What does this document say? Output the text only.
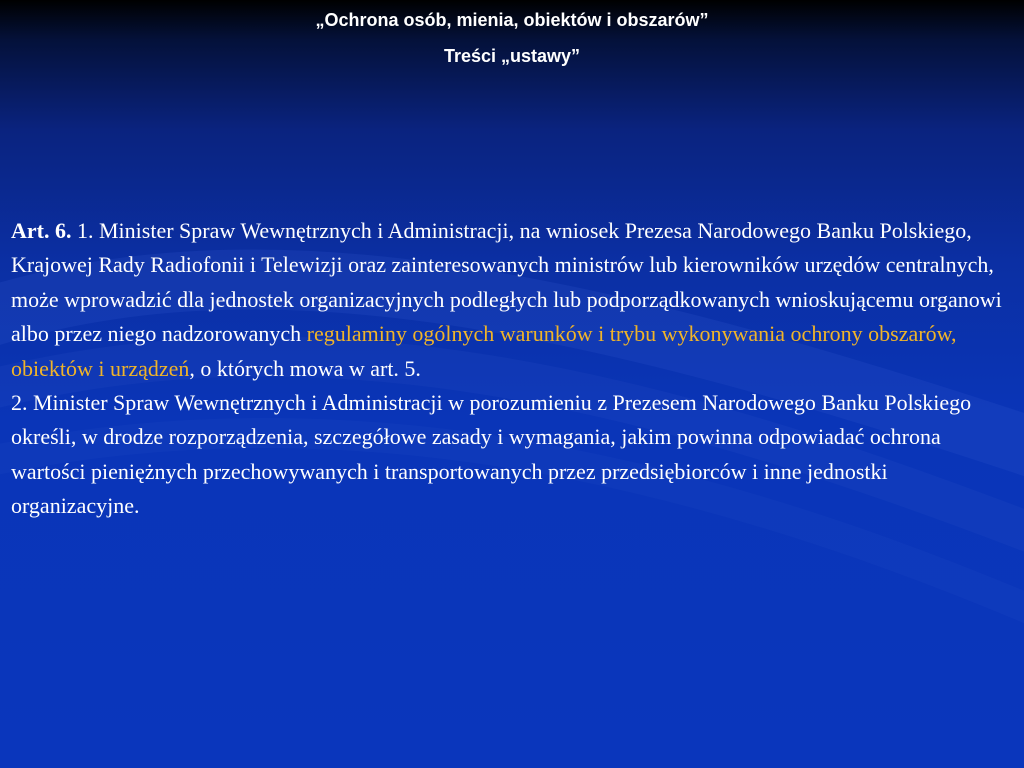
„Ochrona osób, mienia, obiektów i obszarów”
Treści „ustawy”

Art. 6. 1. Minister Spraw Wewnętrznych i Administracji, na wniosek Prezesa Narodowego Banku Polskiego, Krajowej Rady Radiofonii i Telewizji oraz zainteresowanych ministrów lub kierowników urzędów centralnych, może wprowadzić dla jednostek organizacyjnych podległych lub podporządkowanych wnioskującemu organowi albo przez niego nadzorowanych regulaminy ogólnych warunków i trybu wykonywania ochrony obszarów, obiektów i urządzeń, o których mowa w art. 5.

2. Minister Spraw Wewnętrznych i Administracji w porozumieniu z Prezesem Narodowego Banku Polskiego określi, w drodze rozporządzenia, szczegółowe zasady i wymagania, jakim powinna odpowiadać ochrona wartości pieniężnych przechowywanych i transportowanych przez przedsiębiorców i inne jednostki organizacyjne.
